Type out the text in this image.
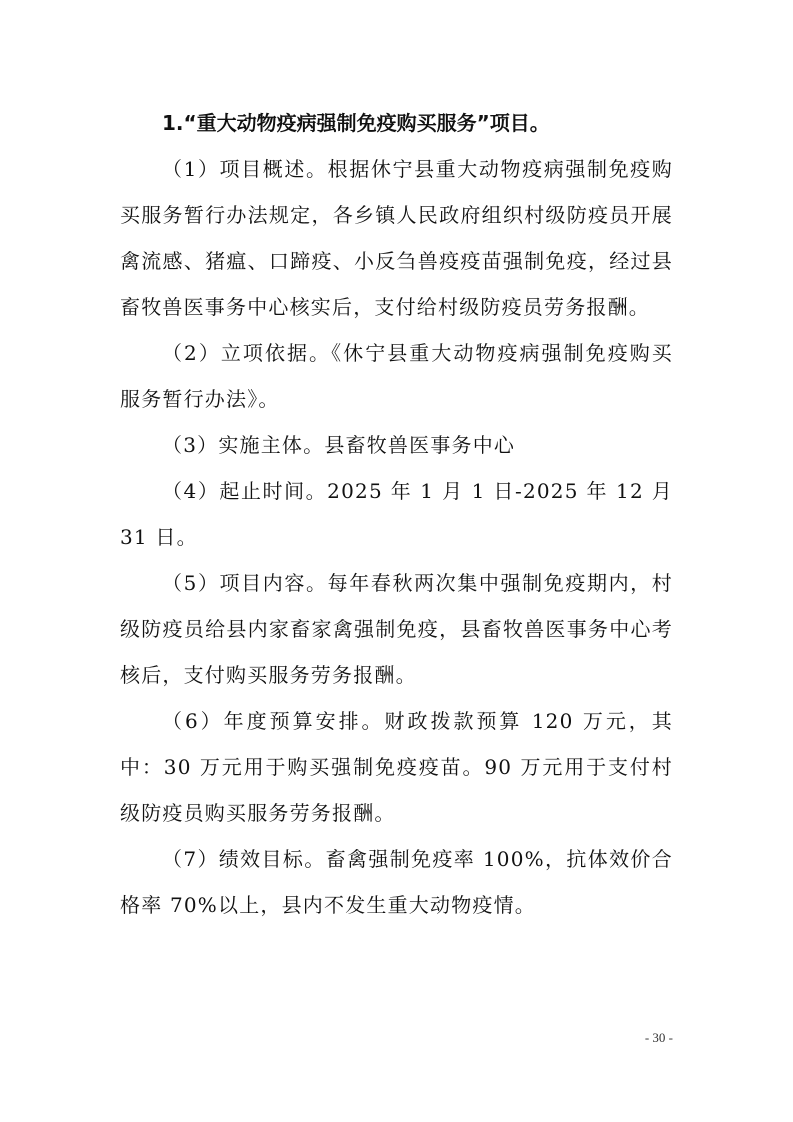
1.“重大动物疫病强制免疫购买服务”项目。

（1）项目概述。根据休宁县重大动物疫病强制免疫购买服务暂行办法规定，各乡镇人民政府组织村级防疫员开展禽流感、猪瘟、口蹄疫、小反刍兽疫疫苗强制免疫，经过县畜牧兽医事务中心核实后，支付给村级防疫员劳务报酬。

（2）立项依据。《休宁县重大动物疫病强制免疫购买服务暂行办法》。

（3）实施主体。县畜牧兽医事务中心

（4）起止时间。2025 年 1 月 1 日-2025 年 12 月 31 日。

（5）项目内容。每年春秋两次集中强制免疫期内，村级防疫员给县内家畜家禽强制免疫，县畜牧兽医事务中心考核后，支付购买服务劳务报酬。

（6）年度预算安排。财政拨款预算 120 万元，其中：30 万元用于购买强制免疫疫苗。90 万元用于支付村级防疫员购买服务劳务报酬。

（7）绩效目标。畜禽强制免疫率 100%，抗体效价合格率 70%以上，县内不发生重大动物疫情。

- 30 -
